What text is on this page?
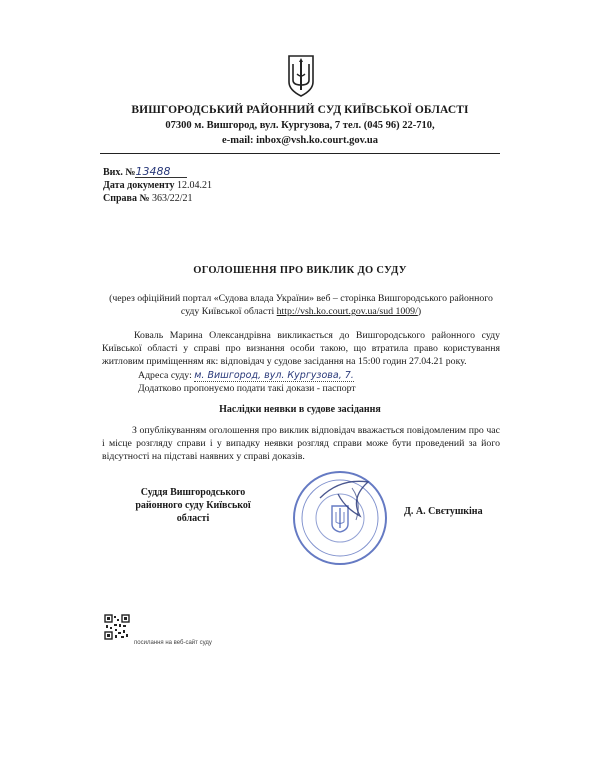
ВИШГОРОДСЬКИЙ РАЙОННИЙ СУД КИЇВСЬКОЇ ОБЛАСТІ
07300 м. Вишгород, вул. Кургузова, 7 тел. (045 96) 22-710,
e-mail: inbox@vsh.ko.court.gov.ua
Вих. №13488
Дата документу 12.04.21
Справа № 363/22/21
ОГОЛОШЕННЯ ПРО ВИКЛИК ДО СУДУ
(через офіційний портал «Судова влада України» веб – сторінка Вишгородського районного суду Київської області http://vsh.ko.court.gov.ua/sud 1009/)
Коваль Марина Олександрівна викликається до Вишгородського районного суду Київської області у справі про визнання особи такою, що втратила право користування житловим приміщенням як: відповідач у судове засідання на 15:00 годин 27.04.21 року.
Адреса суду: м. Вишгород, вул. Кургузова, 7.
Додатково пропонуємо подати такі докази - паспорт
Наслідки неявки в судове засідання
З опублікуванням оголошення про виклик відповідач вважається повідомленим про час і місце розгляду справи і у випадку неявки розгляд справи може бути проведений за його відсутності на підставі наявних у справі доказів.
Суддя Вишгородського районного суду Київської області
Д. А. Свєтушкіна
посилання на веб-сайт суду
